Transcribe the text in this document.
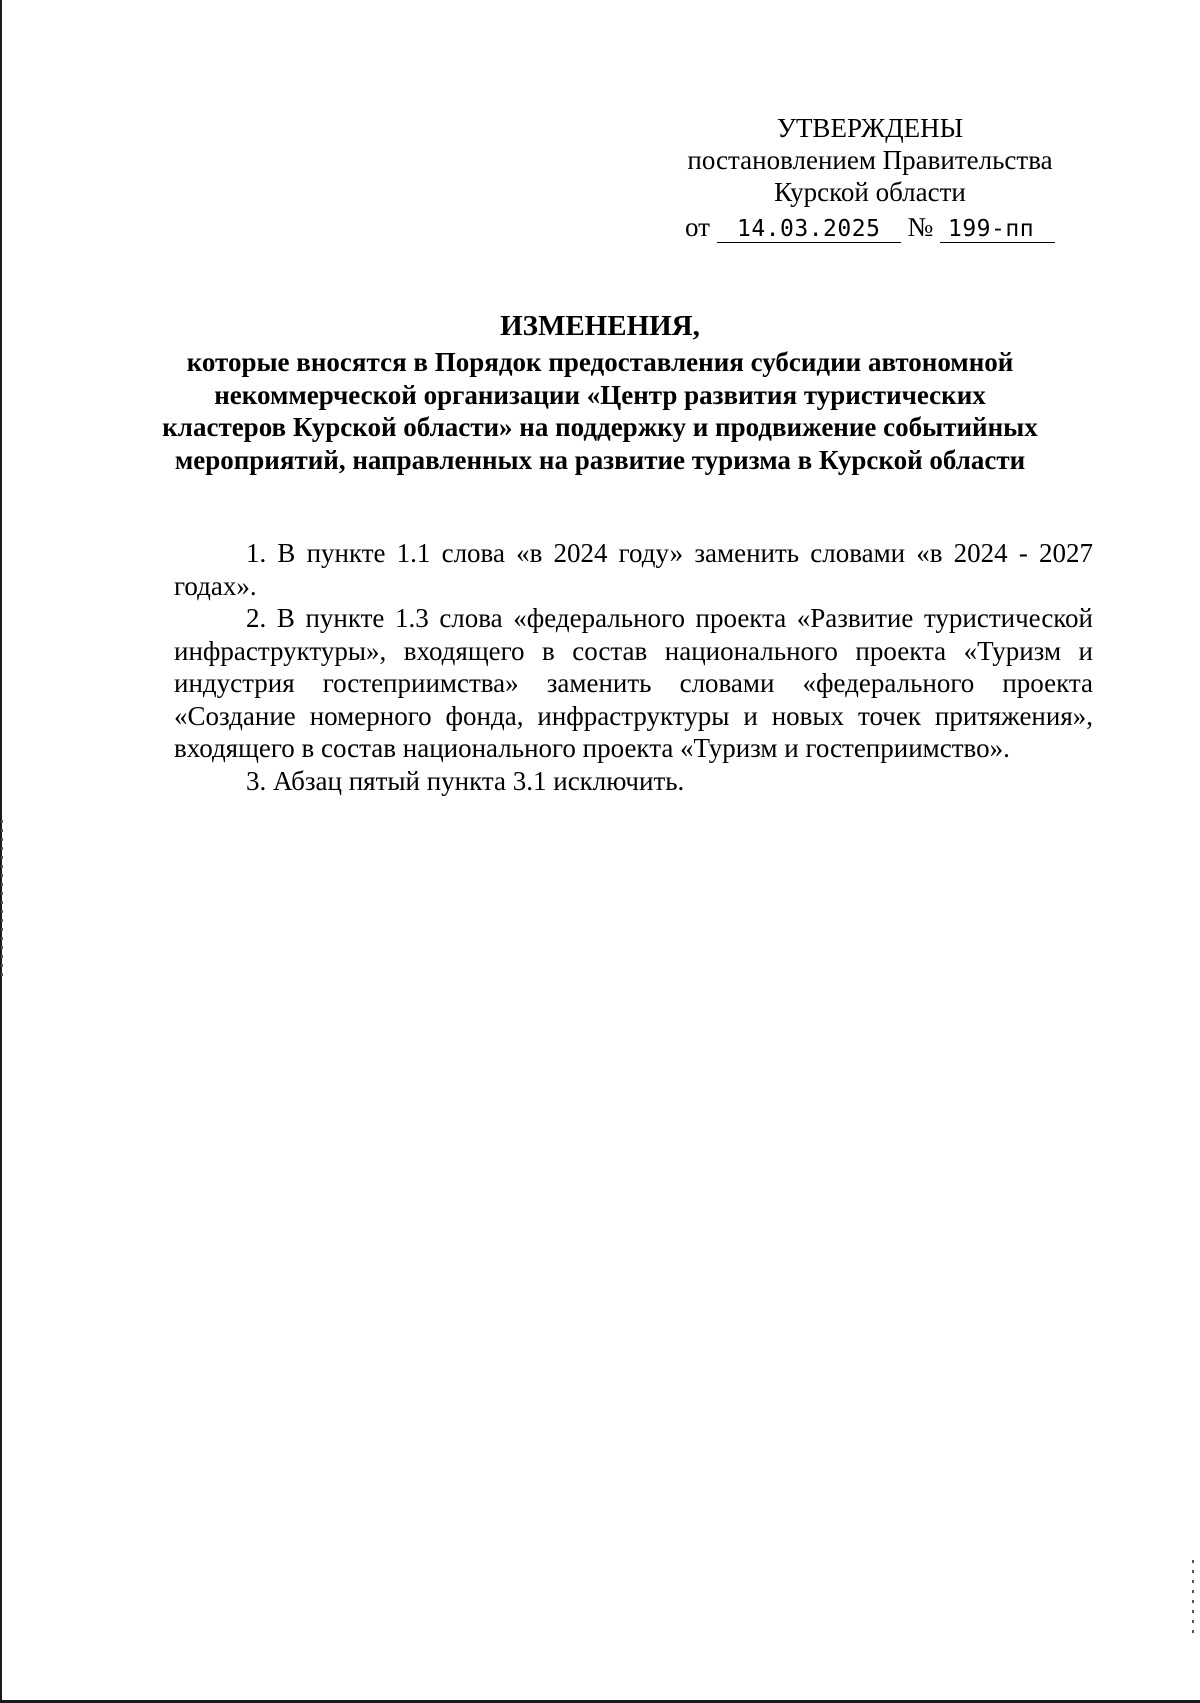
УТВЕРЖДЕНЫ
постановлением Правительства
Курской области
от 14.03.2025 № 199-пп
ИЗМЕНЕНИЯ,
которые вносятся в Порядок предоставления субсидии автономной некоммерческой организации «Центр развития туристических кластеров Курской области» на поддержку и продвижение событийных мероприятий, направленных на развитие туризма в Курской области

1. В пункте 1.1 слова «в 2024 году» заменить словами «в 2024 - 2027 годах».

2. В пункте 1.3 слова «федерального проекта «Развитие туристической инфраструктуры», входящего в состав национального проекта «Туризм и индустрия гостеприимства» заменить словами «федерального проекта «Создание номерного фонда, инфраструктуры и новых точек притяжения», входящего в состав национального проекта «Туризм и гостеприимство».

3. Абзац пятый пункта 3.1 исключить.
